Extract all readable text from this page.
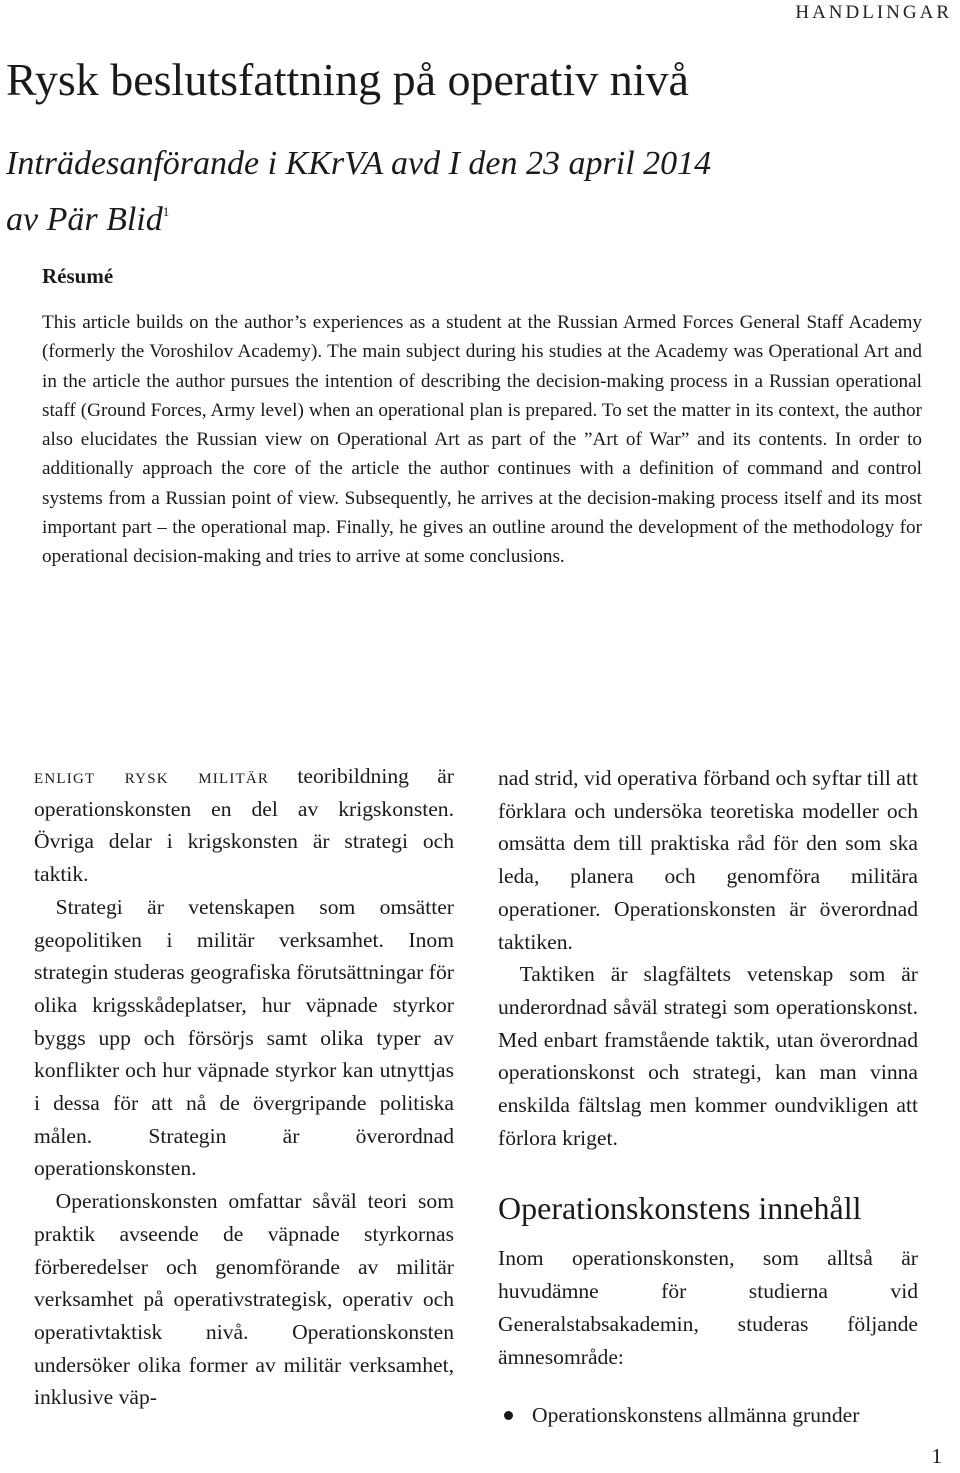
HANDLINGAR
Rysk beslutsfattning på operativ nivå
Inträdesanförande i KKrVA avd I den 23 april 2014
av Pär Blid$^1$
Résumé

This article builds on the author’s experiences as a student at the Russian Armed Forces General Staff Academy (formerly the Voroshilov Academy). The main subject during his studies at the Academy was Operational Art and in the article the author pursues the intention of describing the decision-making process in a Russian operational staff (Ground Forces, Army level) when an operational plan is prepared. To set the matter in its context, the author also elucidates the Russian view on Operational Art as part of the ”Art of War” and its contents. In order to additionally approach the core of the article the author continues with a definition of command and control systems from a Russian point of view. Subsequently, he arrives at the decision-making process itself and its most important part – the operational map. Finally, he gives an outline around the development of the methodology for operational decision-making and tries to arrive at some conclusions.

enligt rysk militär teoribildning är operationskonsten en del av krigskonsten. Övriga delar i krigskonsten är strategi och taktik.

Strategi är vetenskapen som omsätter geopolitiken i militär verksamhet. Inom strategin studeras geografiska förutsättningar för olika krigsskådeplatser, hur väpnade styrkor byggs upp och försörjs samt olika typer av konflikter och hur väpnade styrkor kan utnyttjas i dessa för att nå de övergripande politiska målen. Strategin är överordnad operationskonsten.

Operationskonsten omfattar såväl teori som praktik avseende de väpnade styrkornas förberedelser och genomförande av militär verksamhet på operativstrategisk, operativ och operativtaktisk nivå. Operationskonsten undersöker olika former av militär verksamhet, inklusive väp-

nad strid, vid operativa förband och syftar till att förklara och undersöka teoretiska modeller och omsätta dem till praktiska råd för den som ska leda, planera och genomföra militära operationer. Operationskonsten är överordnad taktiken.

Taktiken är slagfältets vetenskap som är underordnad såväl strategi som operationskonst. Med enbart framstående taktik, utan överordnad operationskonst och strategi, kan man vinna enskilda fältslag men kommer oundvikligen att förlora kriget.

Operationskonstens innehåll

Inom operationskonsten, som alltså är huvudämne för studierna vid Generalstabsakademin, studeras följande ämnesområde:

Operationskonstens allmänna grunder
1
